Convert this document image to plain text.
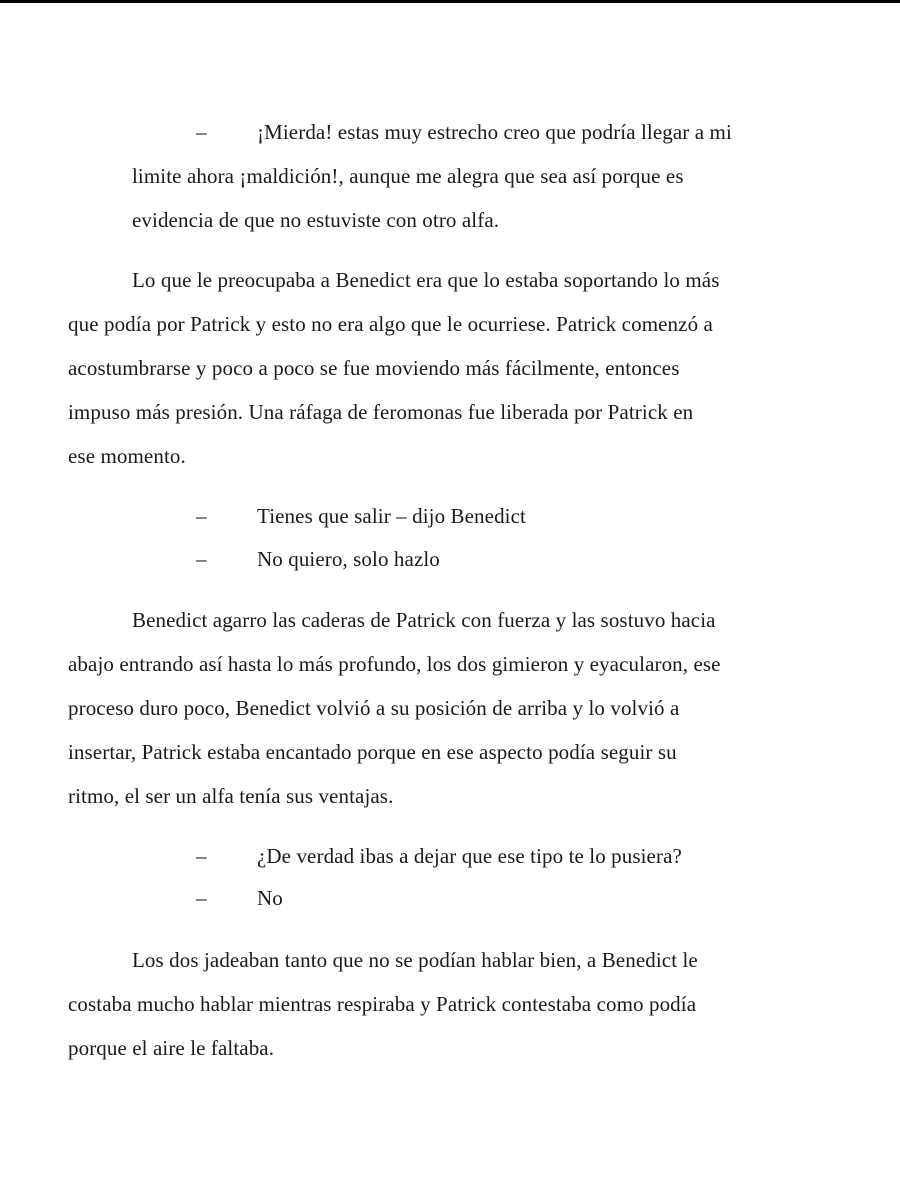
– ¡Mierda! estas muy estrecho creo que podría llegar a mi
limite ahora ¡maldición!, aunque me alegra que sea así porque es
evidencia de que no estuviste con otro alfa.
Lo que le preocupaba a Benedict era que lo estaba soportando lo más
que podía por Patrick y esto no era algo que le ocurriese. Patrick comenzó a
acostumbrarse y poco a poco se fue moviendo más fácilmente, entonces
impuso más presión. Una ráfaga de feromonas fue liberada por Patrick en
ese momento.
– Tienes que salir – dijo Benedict
– No quiero, solo hazlo
Benedict agarro las caderas de Patrick con fuerza y las sostuvo hacia
abajo entrando así hasta lo más profundo, los dos gimieron y eyacularon, ese
proceso duro poco, Benedict volvió a su posición de arriba y lo volvió a
insertar, Patrick estaba encantado porque en ese aspecto podía seguir su
ritmo, el ser un alfa tenía sus ventajas.
– ¿De verdad ibas a dejar que ese tipo te lo pusiera?
– No
Los dos jadeaban tanto que no se podían hablar bien, a Benedict le
costaba mucho hablar mientras respiraba y Patrick contestaba como podía
porque el aire le faltaba.
